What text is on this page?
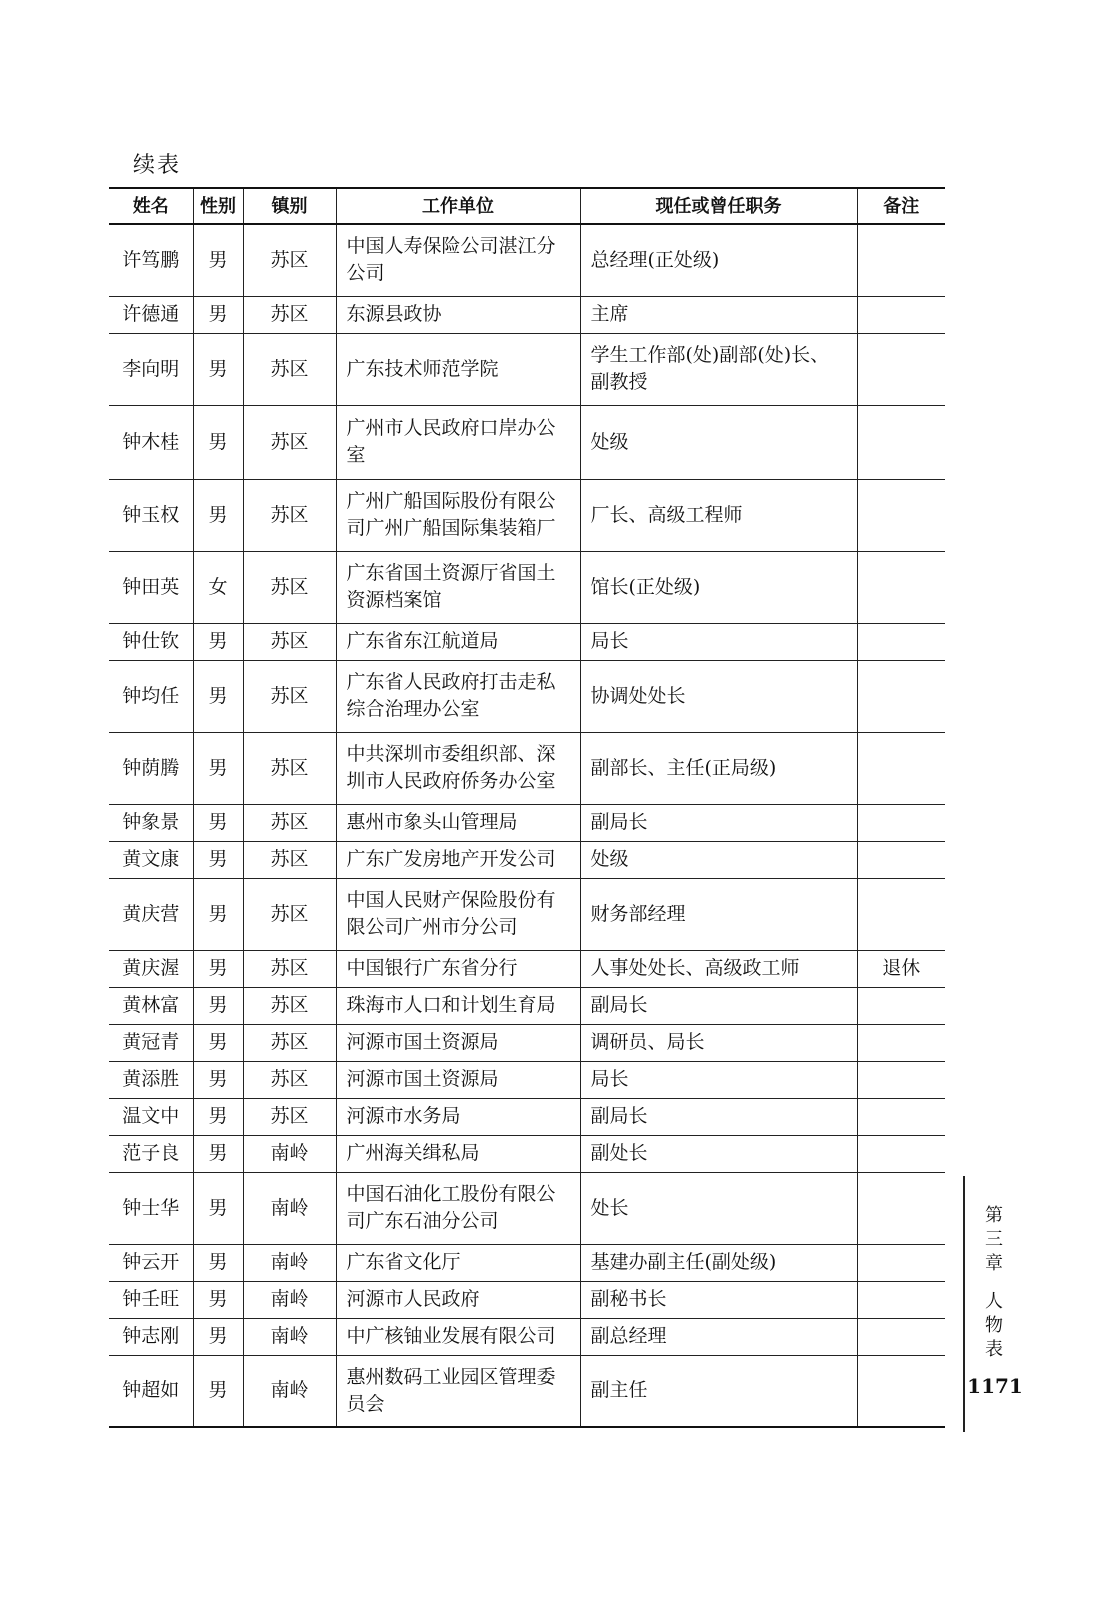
续表
姓名	性别	镇别	工作单位	现任或曾任职务	备注
许笃鹏	男	苏区	中国人寿保险公司湛江分公司	总经理(正处级)	
许德通	男	苏区	东源县政协	主席	
李向明	男	苏区	广东技术师范学院	学生工作部(处)副部(处)长、副教授	
钟木桂	男	苏区	广州市人民政府口岸办公室	处级	
钟玉权	男	苏区	广州广船国际股份有限公司广州广船国际集装箱厂	厂长、高级工程师	
钟田英	女	苏区	广东省国土资源厅省国土资源档案馆	馆长(正处级)	
钟仕钦	男	苏区	广东省东江航道局	局长	
钟均任	男	苏区	广东省人民政府打击走私综合治理办公室	协调处处长	
钟荫腾	男	苏区	中共深圳市委组织部、深圳市人民政府侨务办公室	副部长、主任(正局级)	
钟象景	男	苏区	惠州市象头山管理局	副局长	
黄文康	男	苏区	广东广发房地产开发公司	处级	
黄庆营	男	苏区	中国人民财产保险股份有限公司广州市分公司	财务部经理	
黄庆渥	男	苏区	中国银行广东省分行	人事处处长、高级政工师	退休
黄林富	男	苏区	珠海市人口和计划生育局	副局长	
黄冠青	男	苏区	河源市国土资源局	调研员、局长	
黄添胜	男	苏区	河源市国土资源局	局长	
温文中	男	苏区	河源市水务局	副局长	
范子良	男	南岭	广州海关缉私局	副处长	
钟士华	男	南岭	中国石油化工股份有限公司广东石油分公司	处长	
钟云开	男	南岭	广东省文化厅	基建办副主任(副处级)	
钟壬旺	男	南岭	河源市人民政府	副秘书长	
钟志刚	男	南岭	中广核铀业发展有限公司	副总经理	
钟超如	男	南岭	惠州数码工业园区管理委员会	副主任	
第
三
章
人
物
表
1171
